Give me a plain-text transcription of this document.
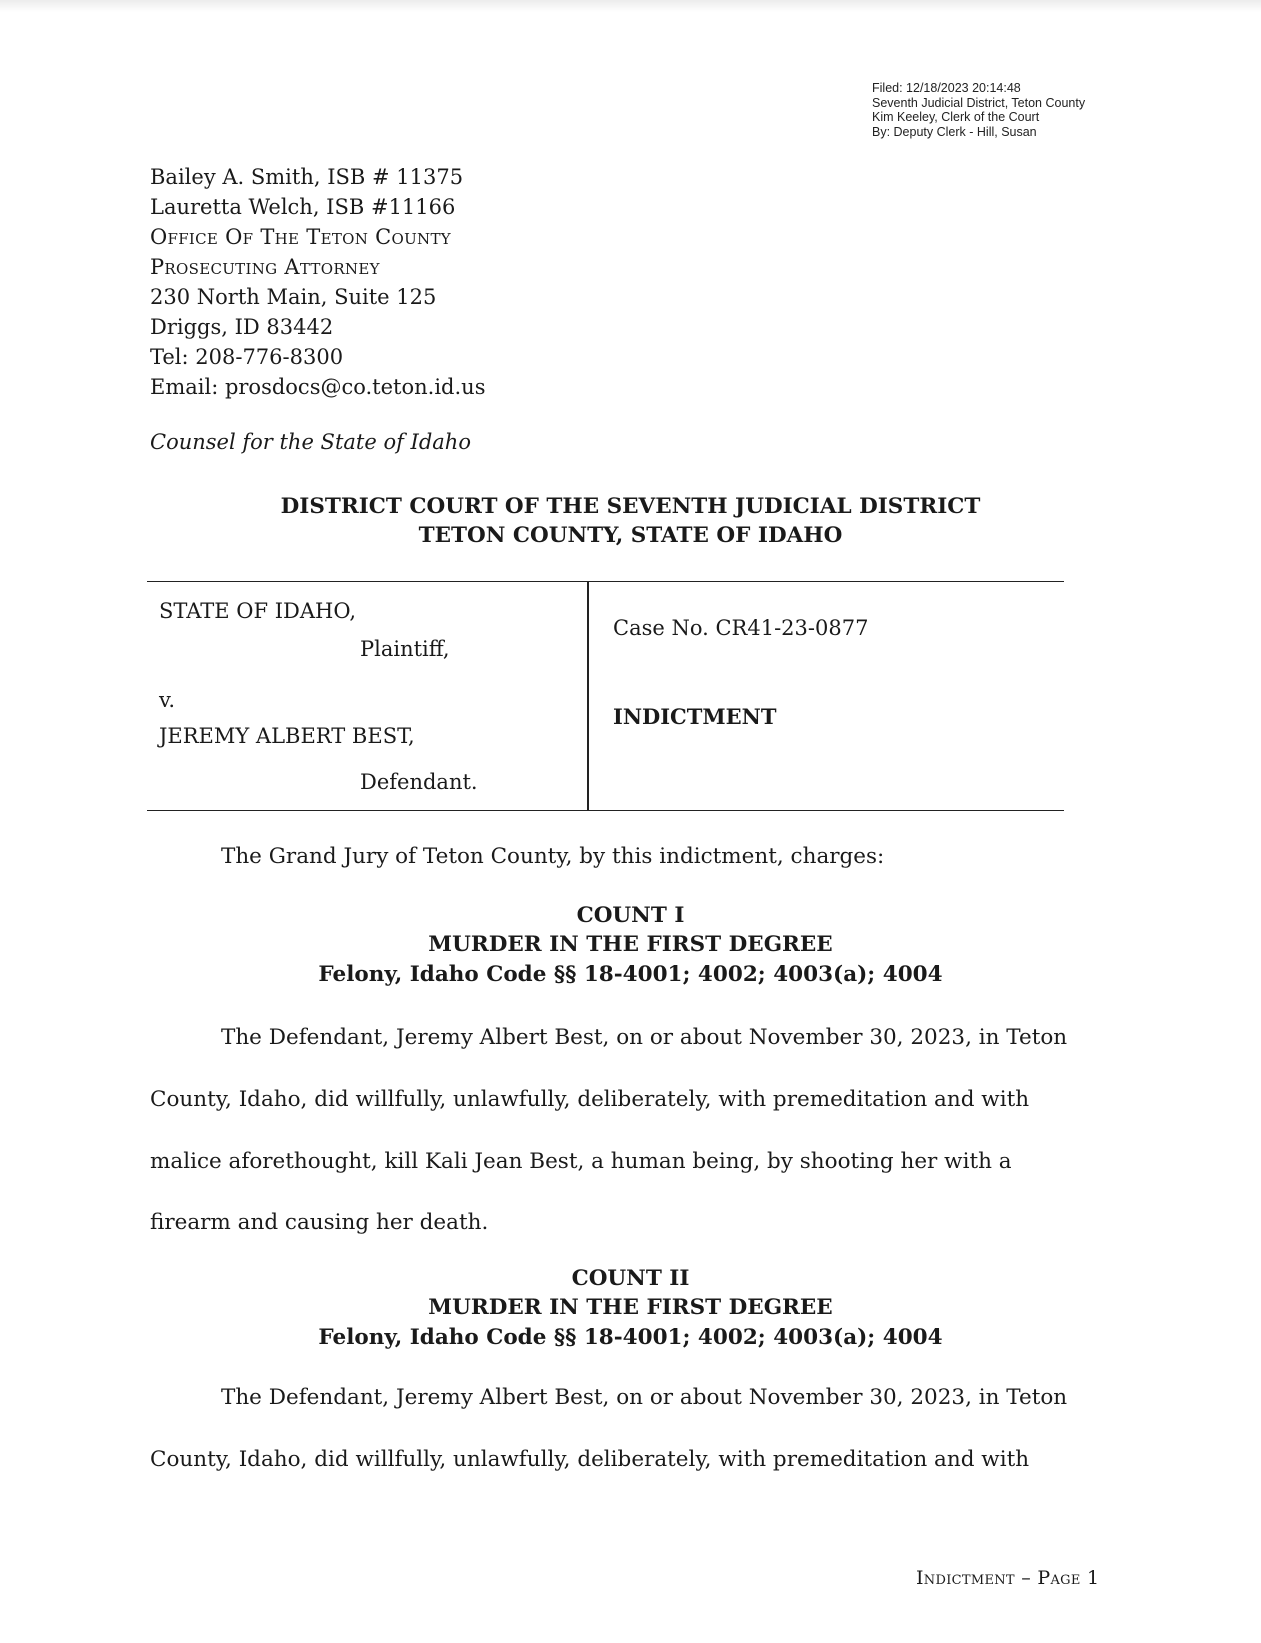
Filed: 12/18/2023 20:14:48
Seventh Judicial District, Teton County
Kim Keeley, Clerk of the Court
By: Deputy Clerk - Hill, Susan
Bailey A. Smith, ISB # 11375
Lauretta Welch, ISB #11166
Office Of The Teton County
Prosecuting Attorney
230 North Main, Suite 125
Driggs, ID 83442
Tel: 208-776-8300
Email: prosdocs@co.teton.id.us
Counsel for the State of Idaho
DISTRICT COURT OF THE SEVENTH JUDICIAL DISTRICT
TETON COUNTY, STATE OF IDAHO
STATE OF IDAHO,
Plaintiff,
v.
JEREMY ALBERT BEST,
Defendant.
Case No. CR41-23-0877
INDICTMENT
The Grand Jury of Teton County, by this indictment, charges:
COUNT I
MURDER IN THE FIRST DEGREE
Felony, Idaho Code §§ 18-4001; 4002; 4003(a); 4004
The Defendant, Jeremy Albert Best, on or about November 30, 2023, in Teton
County, Idaho, did willfully, unlawfully, deliberately, with premeditation and with
malice aforethought, kill Kali Jean Best, a human being, by shooting her with a
firearm and causing her death.
COUNT II
MURDER IN THE FIRST DEGREE
Felony, Idaho Code §§ 18-4001; 4002; 4003(a); 4004
The Defendant, Jeremy Albert Best, on or about November 30, 2023, in Teton
County, Idaho, did willfully, unlawfully, deliberately, with premeditation and with
Indictment – Page 1
